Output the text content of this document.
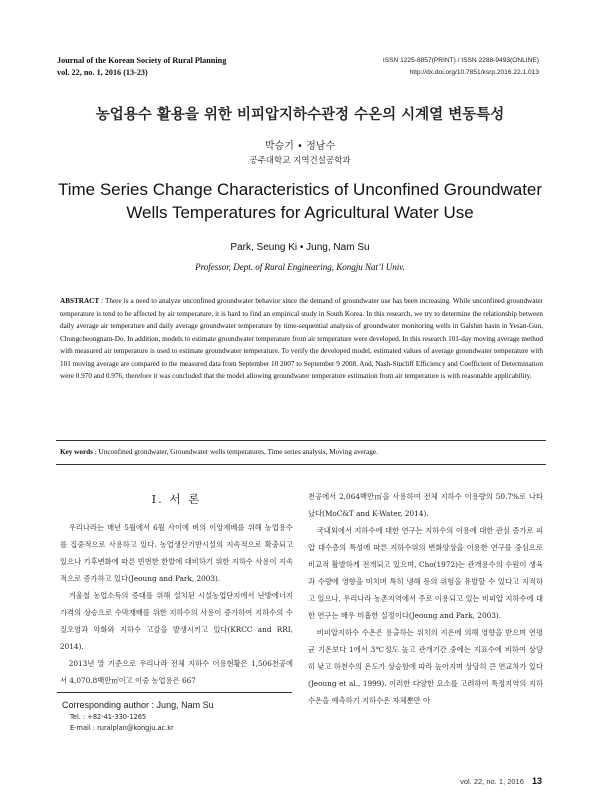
Journal of the Korean Society of Rural Planning
vol. 22, no. 1, 2016 (13-23)
ISSN 1225-8857(PRINT) / ISSN 2288-9493(ONLINE)
http://dx.doi.org/10.7851/ksrp.2016.22.1.013
농업용수 활용을 위한 비피압지하수관정 수온의 시계열 변동특성
박승기 • 정남수
공주대학교 지역건설공학과
Time Series Change Characteristics of Unconfined Groundwater
Wells Temperatures for Agricultural Water Use
Park, Seung Ki • Jung, Nam Su
Professor, Dept. of Rural Engineering, Kongju Nat’l Univ.
ABSTRACT : There is a need to analyze unconfined groundwater behavior since the demand of groundwater use has been increasing. While unconfined groundwater temperature is tend to be affected by air temperature, it is hard to find an empirical study in South Korea. In this research, we try to determine the relationship between daily average air temperature and daily average groundwater temperature by time-sequential analysis of groundwater monitoring wells in Galshin basin in Yesan-Gun, Chungcheongnam-Do. In addition, models to estimate groundwater temperature from air temperature were developed. In this research 101-day moving average method with measured air temperature is used to estimate groundwater temperature. To verify the developed model, estimated values of average groundwater temperature with 101 moving average are compared to the measured data from September 10 2007 to September 9 2008. And, Nash-Stucliff Efficiency and Coefficient of Determination were 0.970 and 0.976, therefore it was concluded that the model allowing groundwater temperature estimation from air temperature is with reasonable applicability.
Key words : Unconfined grondwater, Groundwater wells temperatures, Time series analysis, Moving average.
I. 서 론

우리나라는 매년 5월에서 6월 사이에 벼의 이앙재배를 위해 농업용수를 집중적으로 사용하고 있다. 농업생산기반시설의 지속적으로 확충되고 있으나 기후변화에 따른 빈번한 한발에 대비하기 위한 지하수 사용이 지속적으로 증가하고 있다(Jeoung and Park, 2003).

겨울철 농업소득의 증대를 위해 설치된 시설농업단지에서 난방에너지 가격의 상승으로 수막재배를 위한 지하수의 사용이 증가하여 지하수의 수질오염과 악화와 지하수 고갈을 발생시키고 있다(KRCC and RRI, 2014).

2013년 말 기준으로 우리나라 전체 지하수 이용현황은 1,506천공에서 4,070.8백만㎥이고 이중 농업용은 667

천공에서 2,064백만㎥을 사용하여 전체 지하수 이용량의 50.7%로 나타났다(MoC&T and K-Water, 2014).

국내외에서 지하수에 대한 연구는 지하수의 이용에 대한 관심 증가로 피압 대수층의 특성에 따른 지하수위의 변화양상을 이용한 연구를 중심으로 비교적 활발하게 전개되고 있으며, Cho(1972)는 관개용수의 수원이 생육과 수량에 영향을 미치며 특히 냉해 등의 위험을 유발할 수 있다고 지적하고 있으나, 우리나라 농촌지역에서 주로 이용되고 있는 비피압 지하수에 대한 연구는 매우 미흡한 실정이다(Jeoung and Park, 2003).

비피압지하수 수온은 용출하는 위치의 지온에 의해 영향을 받으며 연평균 기온보다 1에서 3℃정도 높고 관개기간 중에는 지표수에 비하여 상당히 낮고 하천수의 온도가 상승함에 따라 높아지며 상당히 큰 연교차가 있다(Jeoung et al., 1999). 이러한 다양한 요소를 고려하여 특정지역의 지하수온을 예측하기 지하수온 자체뿐만 아

Corresponding author : Jung, Nam Su
Tel. : +82-41-330-1265
E-mail : ruralplan@kongju.ac.kr
vol. 22, no. 1, 2016 13
